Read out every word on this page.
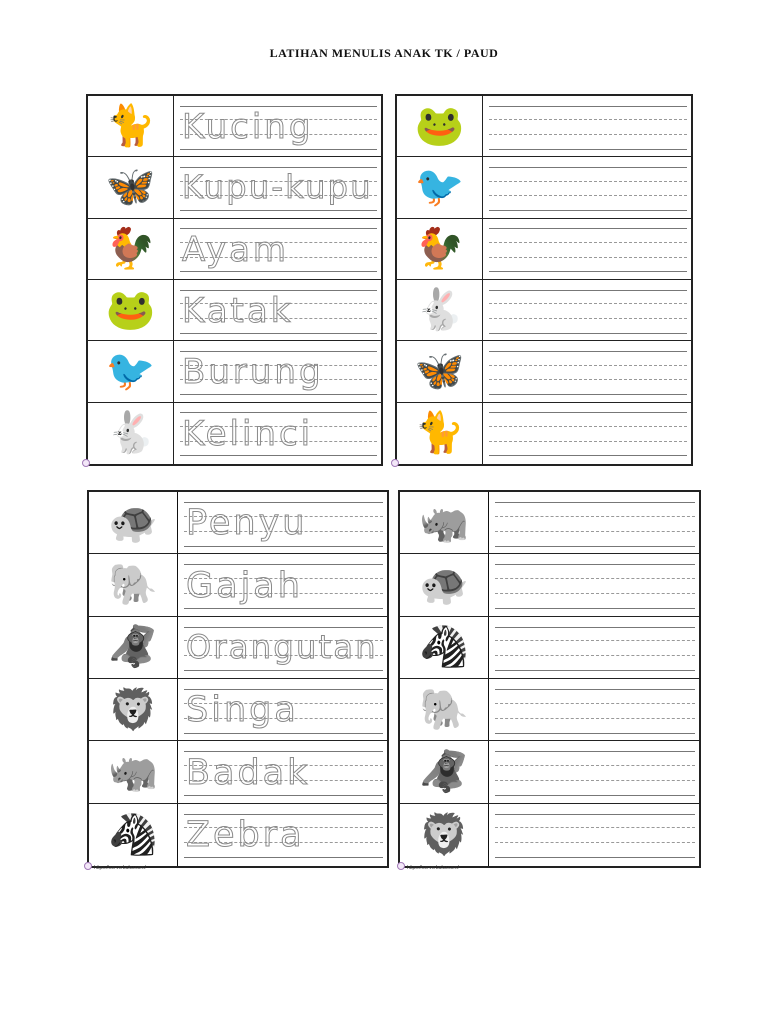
LATIHAN MENULIS ANAK TK / PAUD
🐈 Kucing
🦋 Kupu-kupu
🐓 Ayam
🐸 Katak
🐦 Burung
🐇 Kelinci
🐸
🐦
🐓
🐇
🦋
🐈
🐢 Penyu
🐘 Gajah
🦧 Orangutan
🦁 Singa
🦏 Badak
🦓 Zebra
🦏
🐢
🦓
🐘
🦧
🦁
https://serverbaku.com/	https://serverbaku.com/
